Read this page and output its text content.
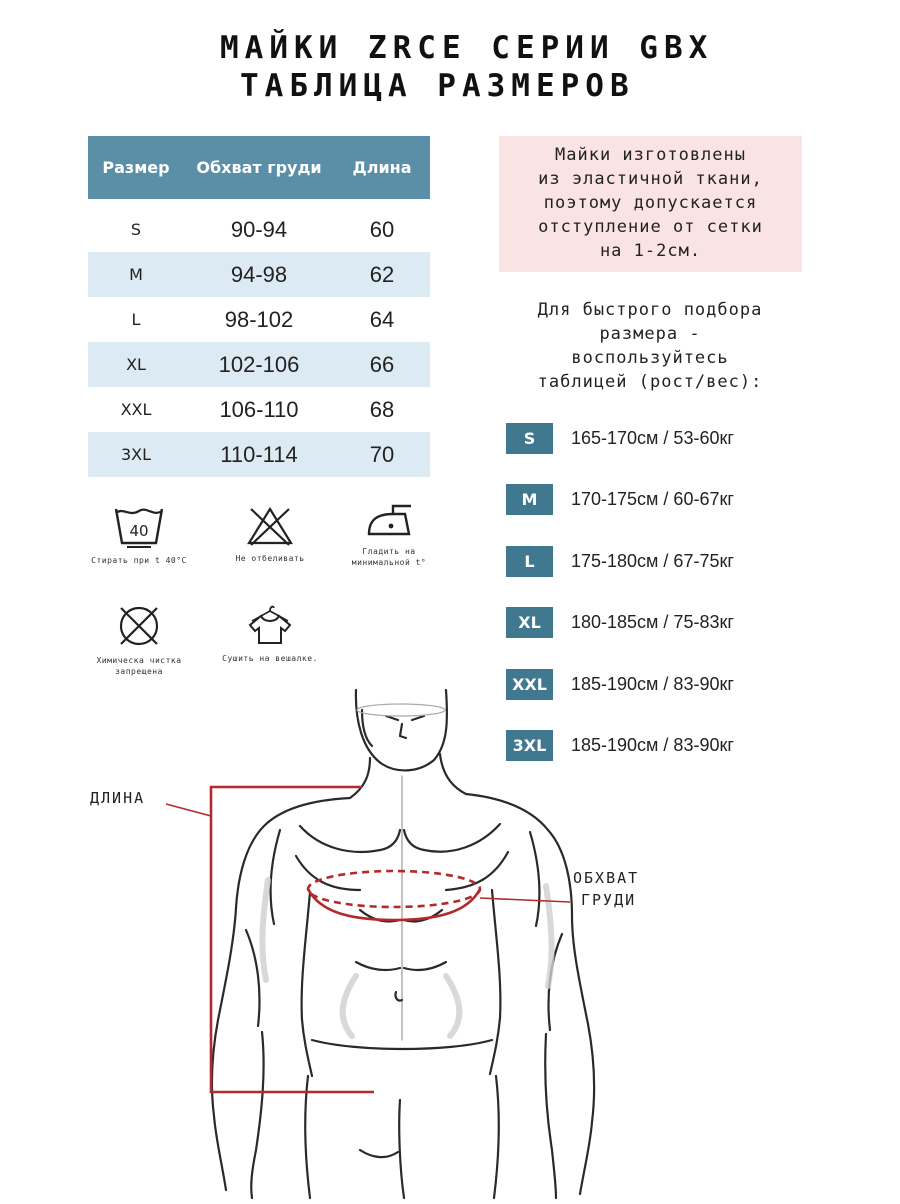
МАЙКИ ZRCE СЕРИИ GBX
ТАБЛИЦА РАЗМЕРОВ
Размер	Обхват груди	Длина
S	90-94	60
M	94-98	62
L	98-102	64
XL	102-106	66
XXL	106-110	68
3XL	110-114	70
Майки изготовлены
из эластичной ткани,
поэтому допускается
отступление от сетки
на 1-2см.
Для быстрого подбора
размера -
воспользуйтесь
таблицей (рост/вес):
S	165-170см / 53-60кг
M	170-175см / 60-67кг
L	175-180см / 67-75кг
XL	180-185см / 75-83кг
XXL	185-190см / 83-90кг
3XL	185-190см / 83-90кг
40
Стирать при t 40°C	Не отбеливать
Гладить на
минимальной t°
Химическа чистка
запрещена
Сушить на вешалке.
ДЛИНА
ОБХВАТ
ГРУДИ
